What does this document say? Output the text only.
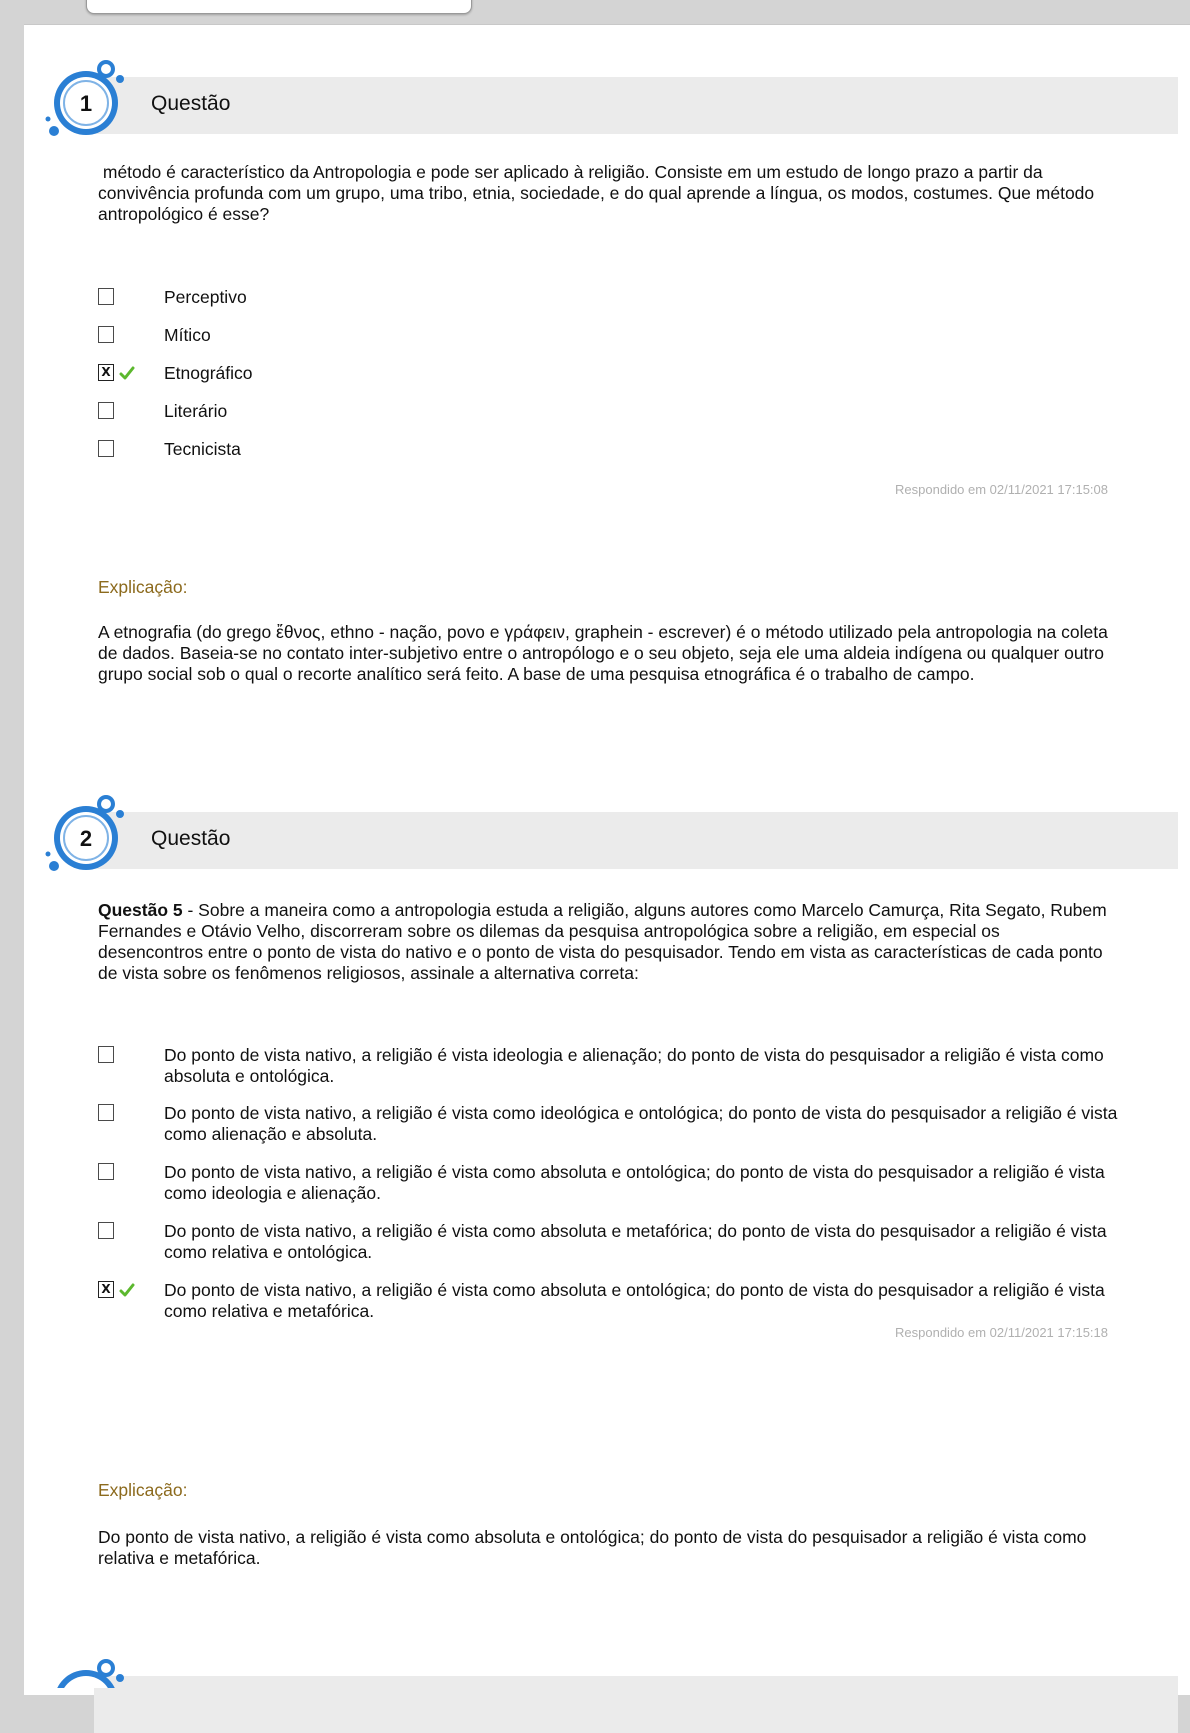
1	Questão
método é característico da Antropologia e pode ser aplicado à religião. Consiste em um estudo de longo prazo a partir da convivência profunda com um grupo, uma tribo, etnia, sociedade, e do qual aprende a língua, os modos, costumes. Que método antropológico é esse?
Perceptivo
Mítico
X	Etnográfico
Literário
Tecnicista
Respondido em 02/11/2021 17:15:08
Explicação:
A etnografia (do grego ἔθνος, ethno - nação, povo e γράφειν, graphein - escrever) é o método utilizado pela antropologia na coleta de dados. Baseia-se no contato inter-subjetivo entre o antropólogo e o seu objeto, seja ele uma aldeia indígena ou qualquer outro grupo social sob o qual o recorte analítico será feito. A base de uma pesquisa etnográfica é o trabalho de campo.
2	Questão
Questão 5 - Sobre a maneira como a antropologia estuda a religião, alguns autores como Marcelo Camurça, Rita Segato, Rubem Fernandes e Otávio Velho, discorreram sobre os dilemas da pesquisa antropológica sobre a religião, em especial os desencontros entre o ponto de vista do nativo e o ponto de vista do pesquisador. Tendo em vista as características de cada ponto de vista sobre os fenômenos religiosos, assinale a alternativa correta:
Do ponto de vista nativo, a religião é vista ideologia e alienação; do ponto de vista do pesquisador a religião é vista como absoluta e ontológica.
Do ponto de vista nativo, a religião é vista como ideológica e ontológica; do ponto de vista do pesquisador a religião é vista como alienação e absoluta.
Do ponto de vista nativo, a religião é vista como absoluta e ontológica; do ponto de vista do pesquisador a religião é vista como ideologia e alienação.
Do ponto de vista nativo, a religião é vista como absoluta e metafórica; do ponto de vista do pesquisador a religião é vista como relativa e ontológica.
X	Do ponto de vista nativo, a religião é vista como absoluta e ontológica; do ponto de vista do pesquisador a religião é vista como relativa e metafórica.
Respondido em 02/11/2021 17:15:18
Explicação:
Do ponto de vista nativo, a religião é vista como absoluta e ontológica; do ponto de vista do pesquisador a religião é vista como relativa e metafórica.
